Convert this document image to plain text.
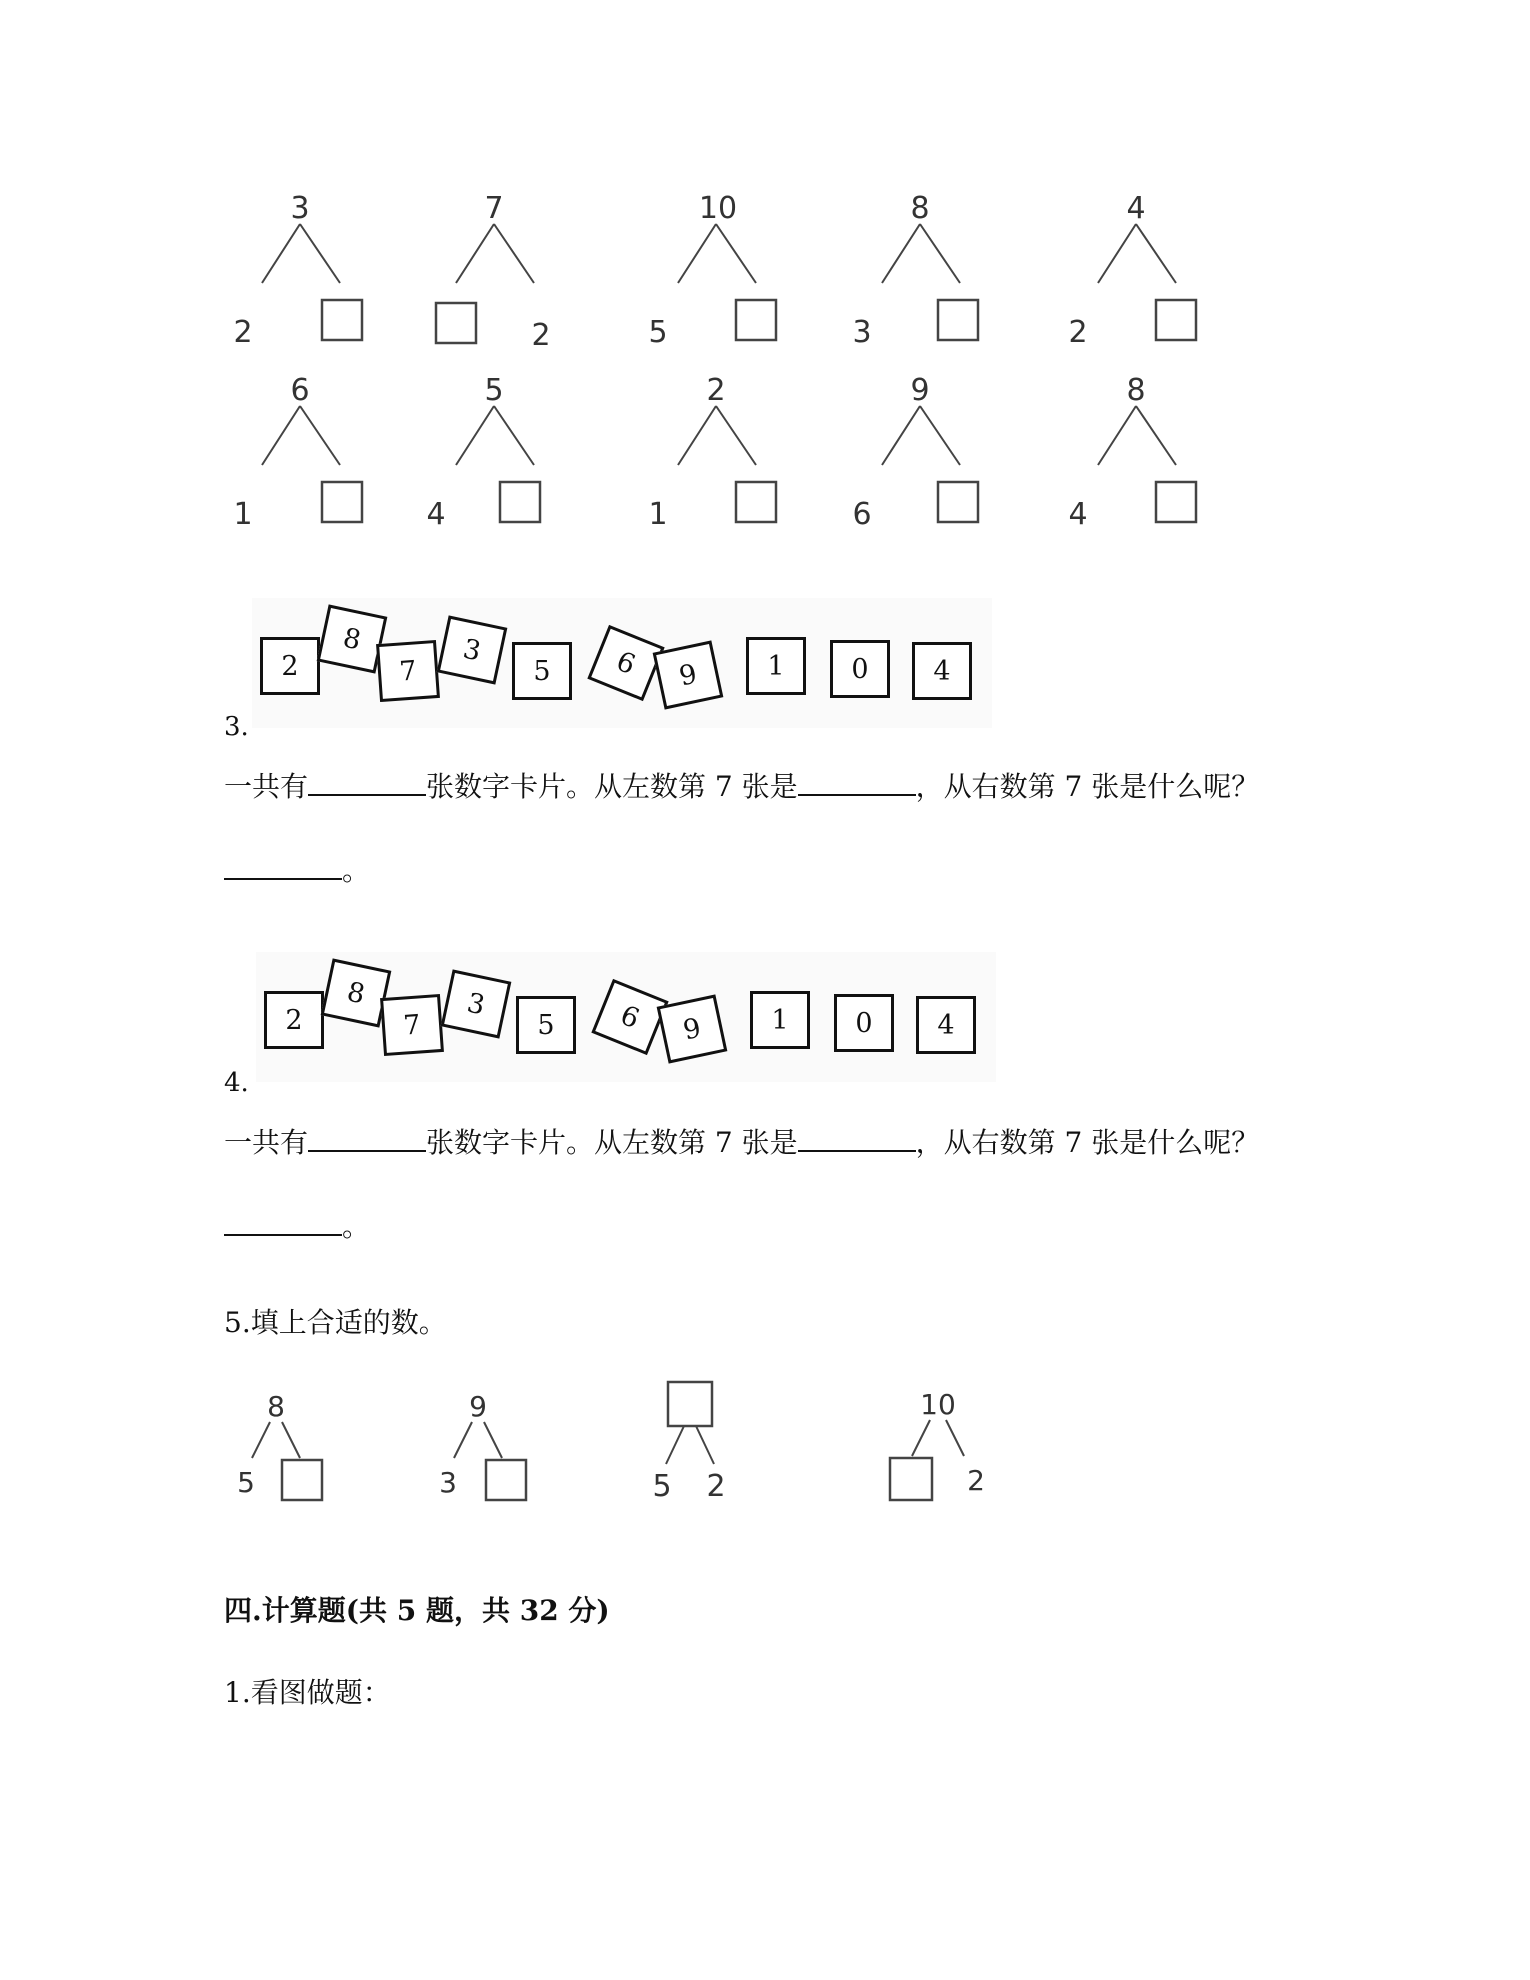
3
2
7
2
10
5
8
3
4
2
6
1
5
4
2
1
9
6
8
4
2
8
7
3
5	6	9	1	0	4
3.
一共有	张数字卡片。从左数第 7 张是	，从右数第 7 张是什么呢？
。
2
8
7
3
5	6	9	1	0	4
4.
一共有	张数字卡片。从左数第 7 张是	，从右数第 7 张是什么呢？
。
5.填上合适的数。
8
5
9
3	5 2
10
2
四.计算题(共 5 题，共 32 分)
1.看图做题：
